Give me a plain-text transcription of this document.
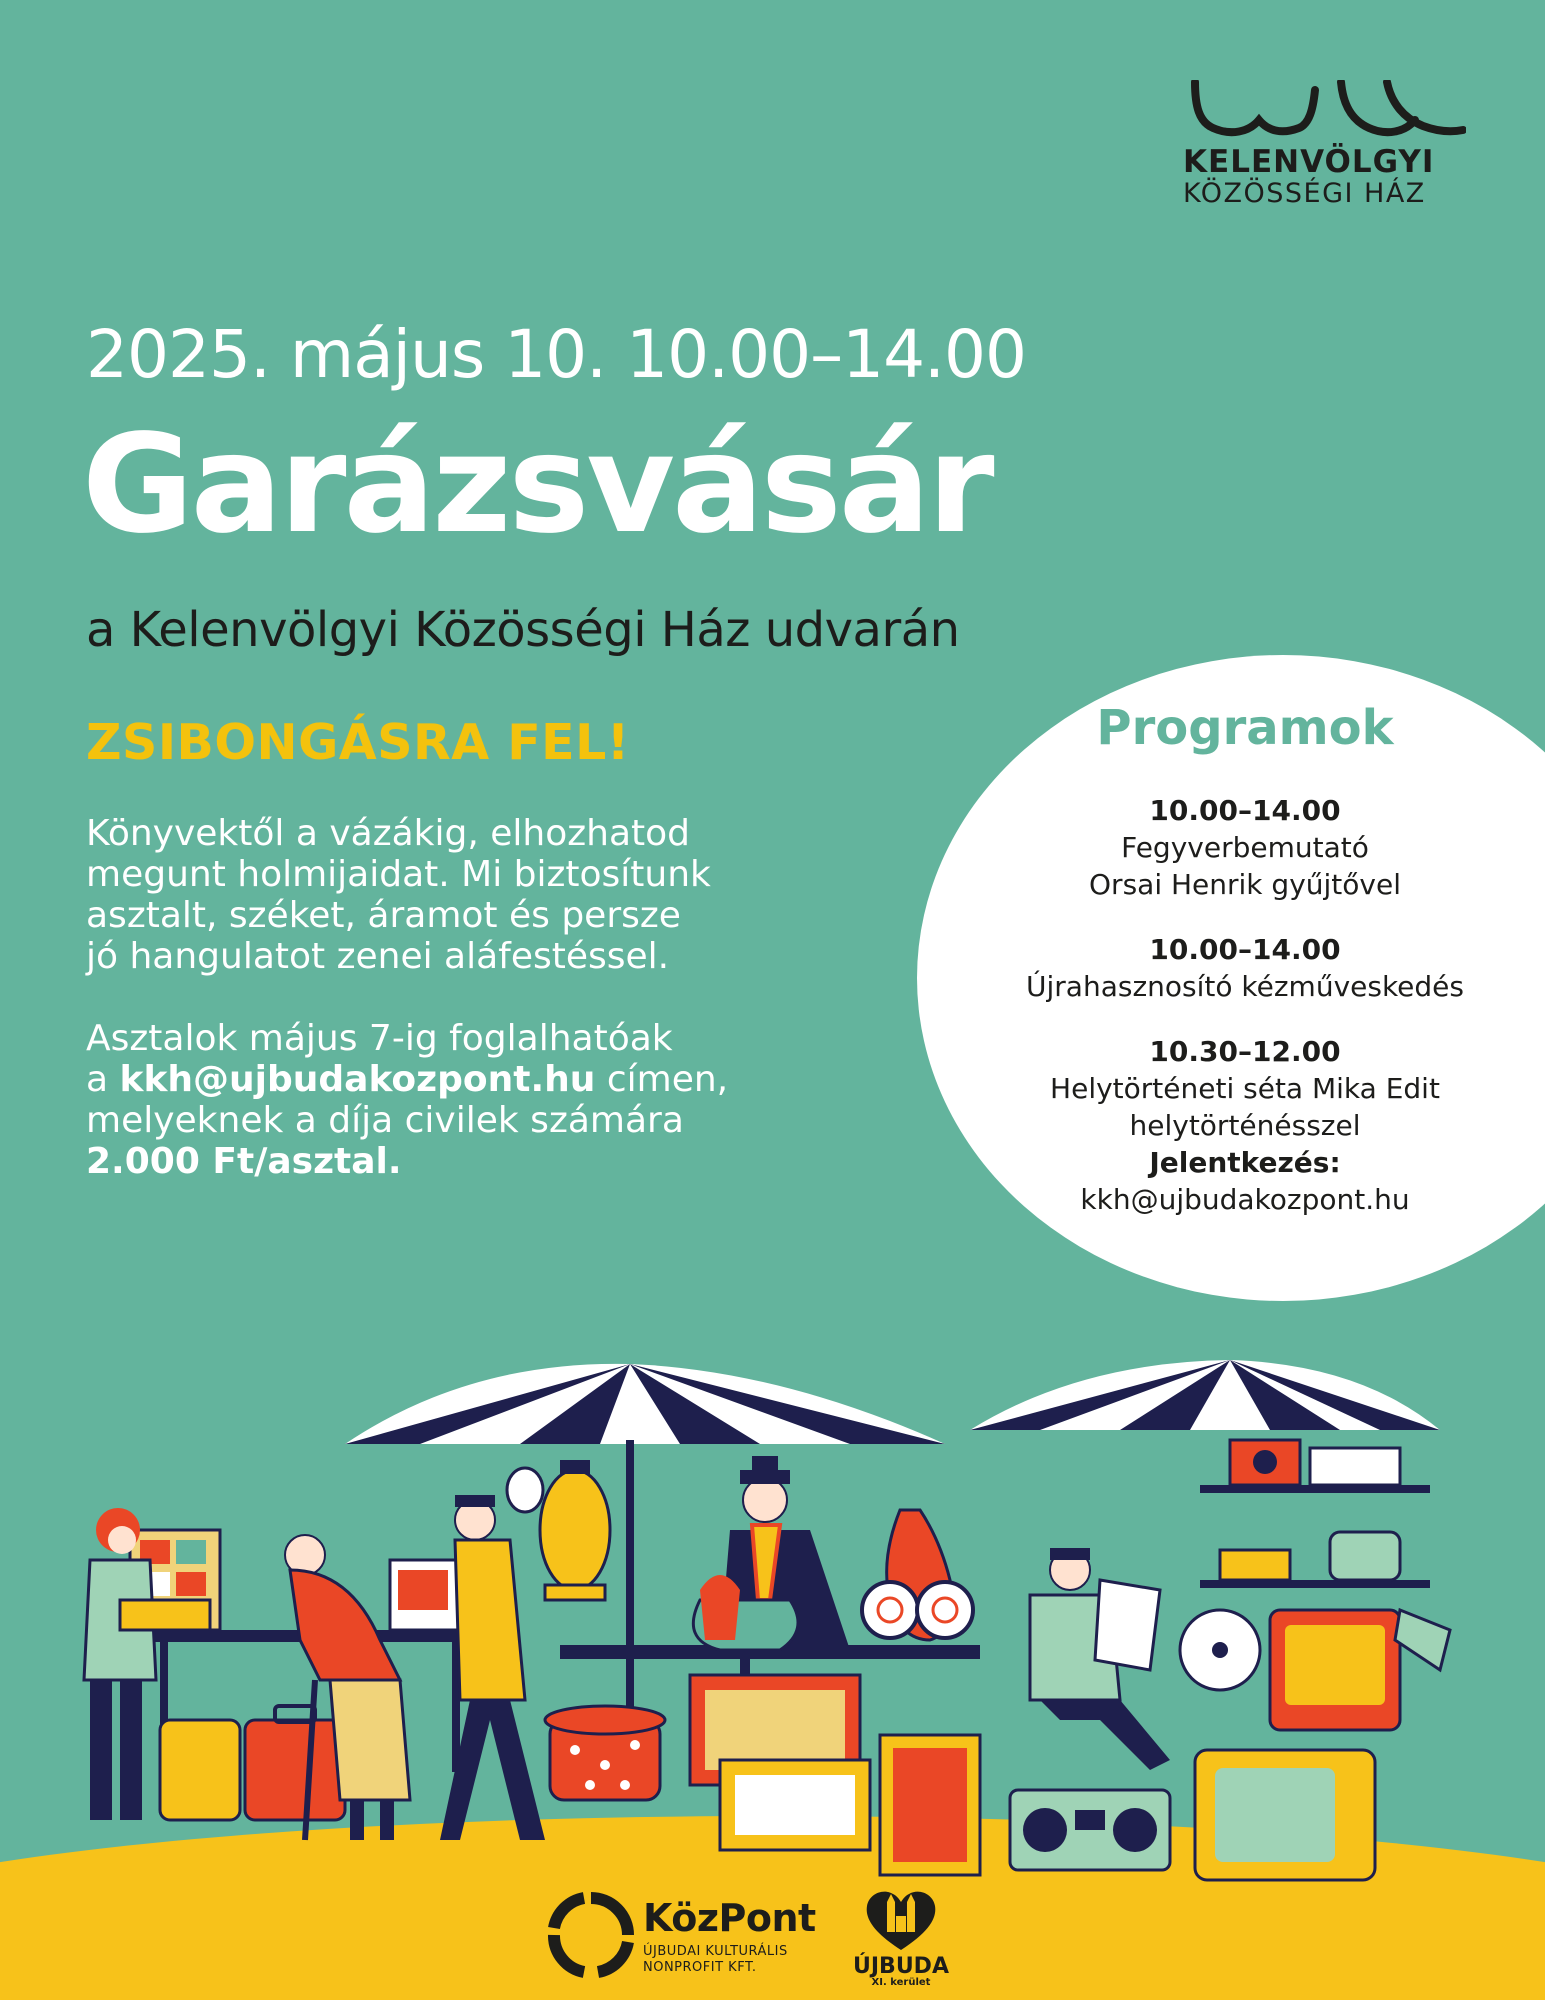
KELENVÖLGYI
KÖZÖSSÉGI HÁZ
2025. május 10. 10.00–14.00
Garázsvásár
a Kelenvölgyi Közösségi Ház udvarán
ZSIBONGÁSRA FEL!

Könyvektől a vázákig, elhozhatod
megunt holmijaidat. Mi biztosítunk
asztalt, széket, áramot és persze
jó hangulatot zenei aláfestéssel.

Asztalok május 7-ig foglalhatóak
a kkh@ujbudakozpont.hu címen,
melyeknek a díja civilek számára
2.000 Ft/asztal.

Programok
10.00–14.00
Fegyverbemutató
Orsai Henrik gyűjtővel
10.00–14.00
Újrahasznosító kézműveskedés
10.30–12.00
Helytörténeti séta Mika Edit
helytörténésszel
Jelentkezés:
kkh@ujbudakozpont.hu
KözPont
ÚJBUDAI KULTURÁLIS
NONPROFIT KFT.	ÚJBUDA
XI. kerület
